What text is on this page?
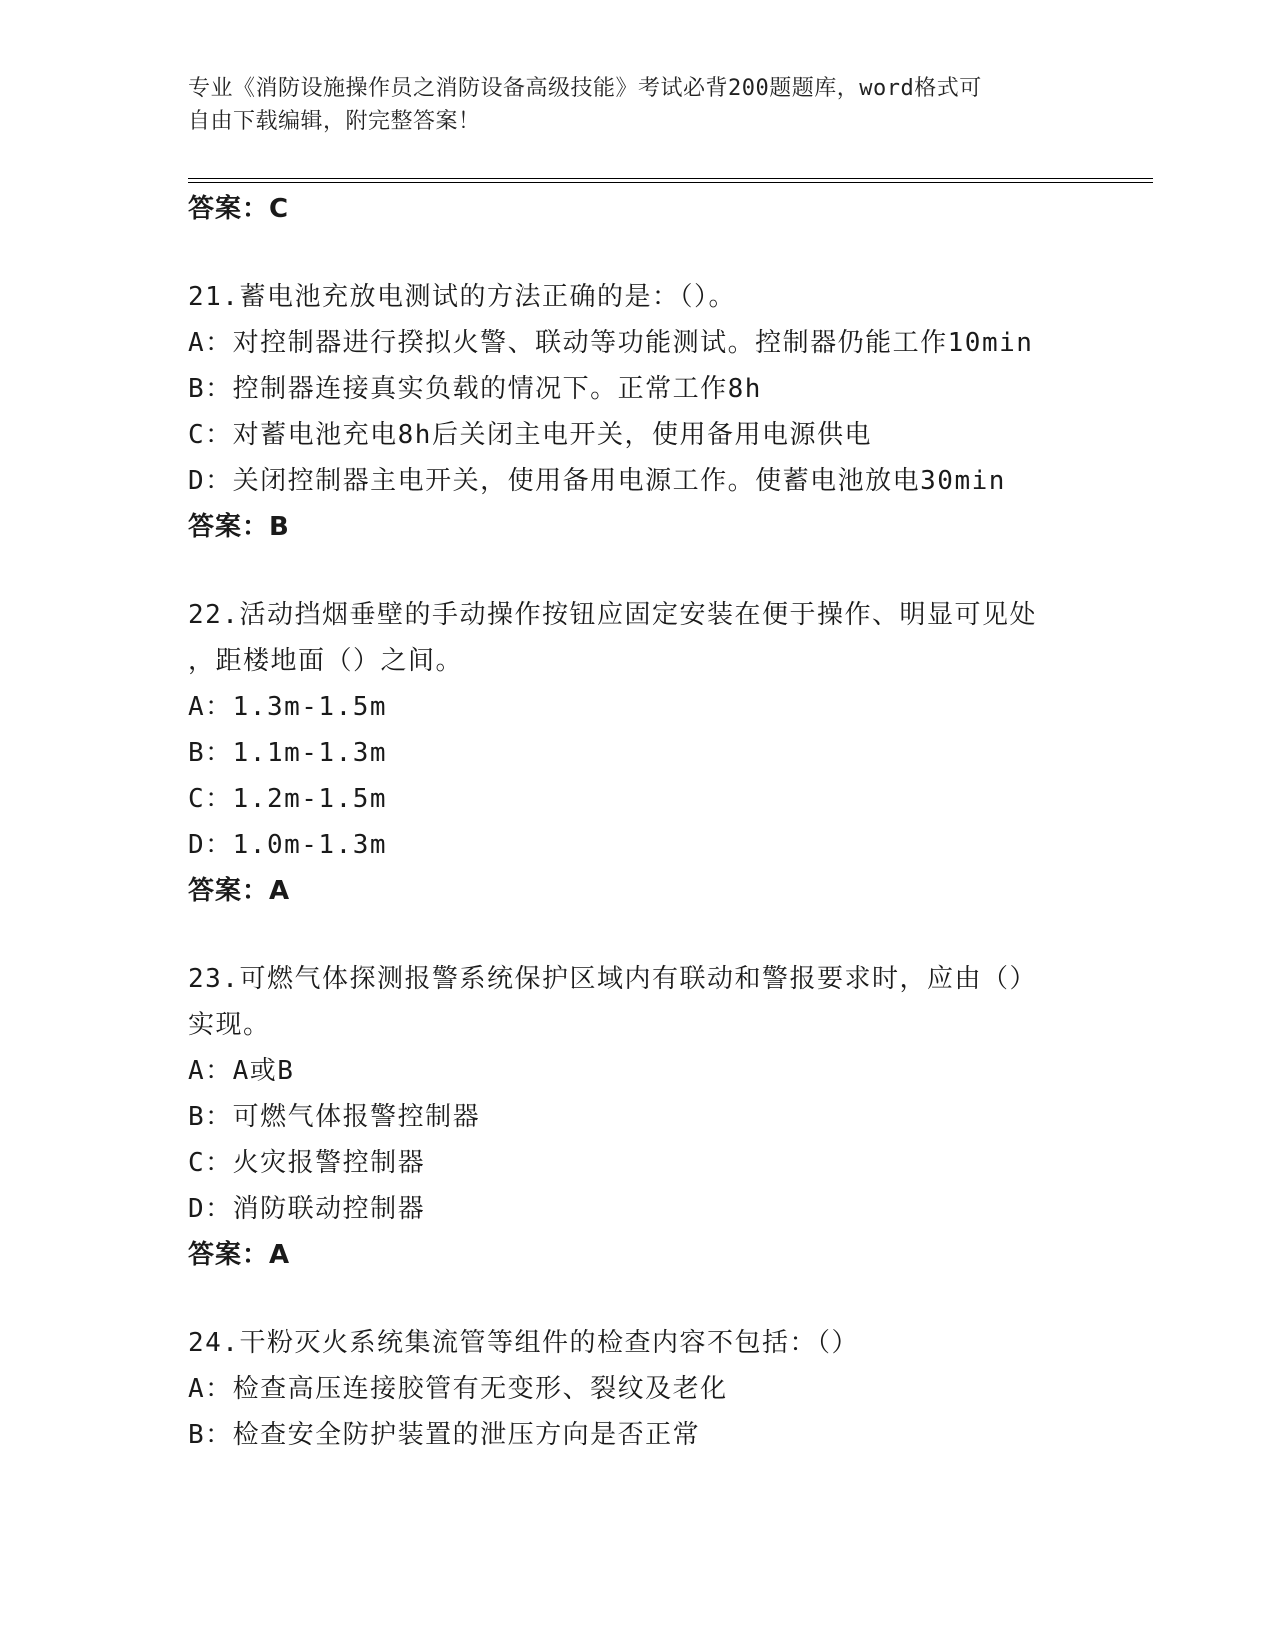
专业《消防设施操作员之消防设备高级技能》考试必背200题题库，word格式可
自由下载编辑，附完整答案！
答案：C
21.蓄电池充放电测试的方法正确的是：（）。
A：对控制器进行揆拟火警、联动等功能测试。控制器仍能工作10min
B：控制器连接真实负载的情况下。正常工作8h
C：对蓄电池充电8h后关闭主电开关，使用备用电源供电
D：关闭控制器主电开关，使用备用电源工作。使蓄电池放电30min
答案：B
22.活动挡烟垂壁的手动操作按钮应固定安装在便于操作、明显可见处
，距楼地面（）之间。
A：1.3m-1.5m
B：1.1m-1.3m
C：1.2m-1.5m
D：1.0m-1.3m
答案：A
23.可燃气体探测报警系统保护区域内有联动和警报要求时，应由（）
实现。
A：A或B
B：可燃气体报警控制器
C：火灾报警控制器
D：消防联动控制器
答案：A
24.干粉灭火系统集流管等组件的检查内容不包括：（）
A：检查高压连接胶管有无变形、裂纹及老化
B：检查安全防护装置的泄压方向是否正常
